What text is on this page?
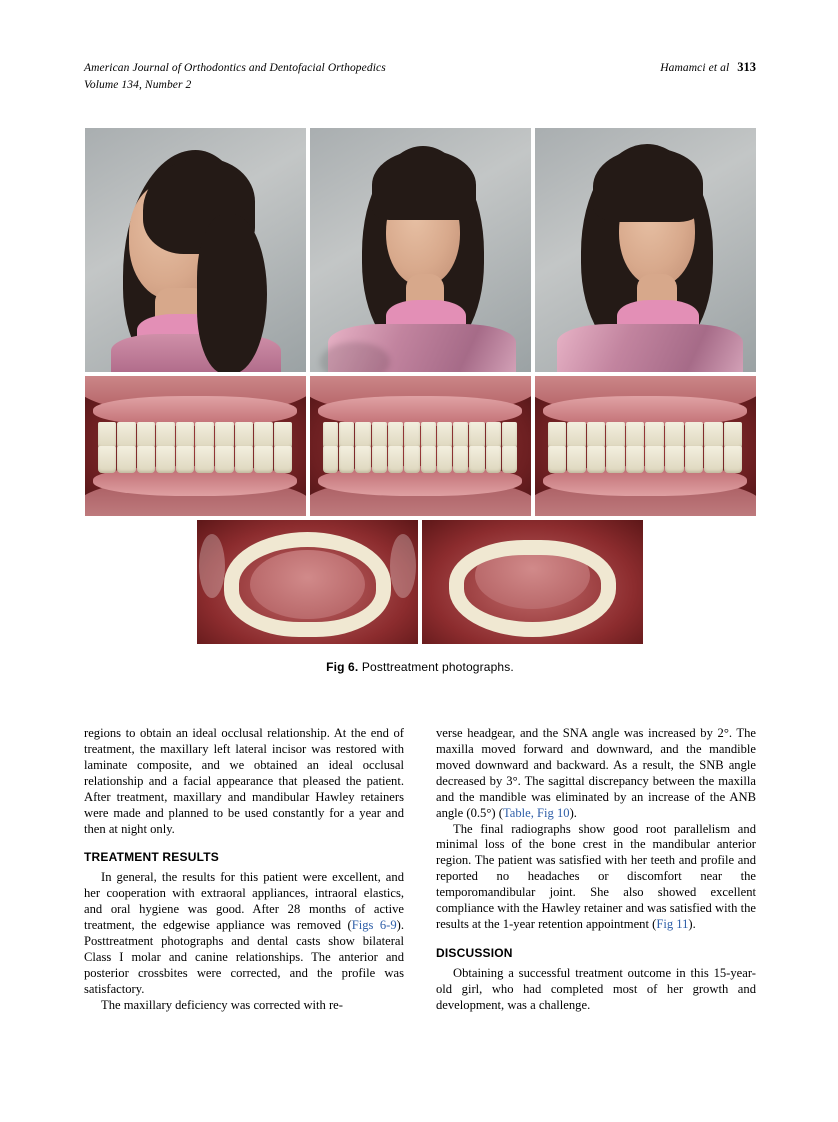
American Journal of Orthodontics and Dentofacial Orthopedics
Volume 134, Number 2
Hamamci et al 313
Fig 6. Posttreatment photographs.

regions to obtain an ideal occlusal relationship. At the end of treatment, the maxillary left lateral incisor was restored with laminate composite, and we obtained an ideal occlusal relationship and a facial appearance that pleased the patient. After treatment, maxillary and mandibular Hawley retainers were made and planned to be used constantly for a year and then at night only.

TREATMENT RESULTS

In general, the results for this patient were excellent, and her cooperation with extraoral appliances, intraoral elastics, and oral hygiene was good. After 28 months of active treatment, the edgewise appliance was removed (Figs 6-9). Posttreatment photographs and dental casts show bilateral Class I molar and canine relationships. The anterior and posterior crossbites were corrected, and the profile was satisfactory.

The maxillary deficiency was corrected with re-

verse headgear, and the SNA angle was increased by 2°. The maxilla moved forward and downward, and the mandible moved downward and backward. As a result, the SNB angle decreased by 3°. The sagittal discrepancy between the maxilla and the mandible was eliminated by an increase of the ANB angle (0.5°) (Table, Fig 10).

The final radiographs show good root parallelism and minimal loss of the bone crest in the mandibular anterior region. The patient was satisfied with her teeth and profile and reported no headaches or discomfort near the temporomandibular joint. She also showed excellent compliance with the Hawley retainer and was satisfied with the results at the 1-year retention appointment (Fig 11).

DISCUSSION

Obtaining a successful treatment outcome in this 15-year-old girl, who had completed most of her growth and development, was a challenge.
